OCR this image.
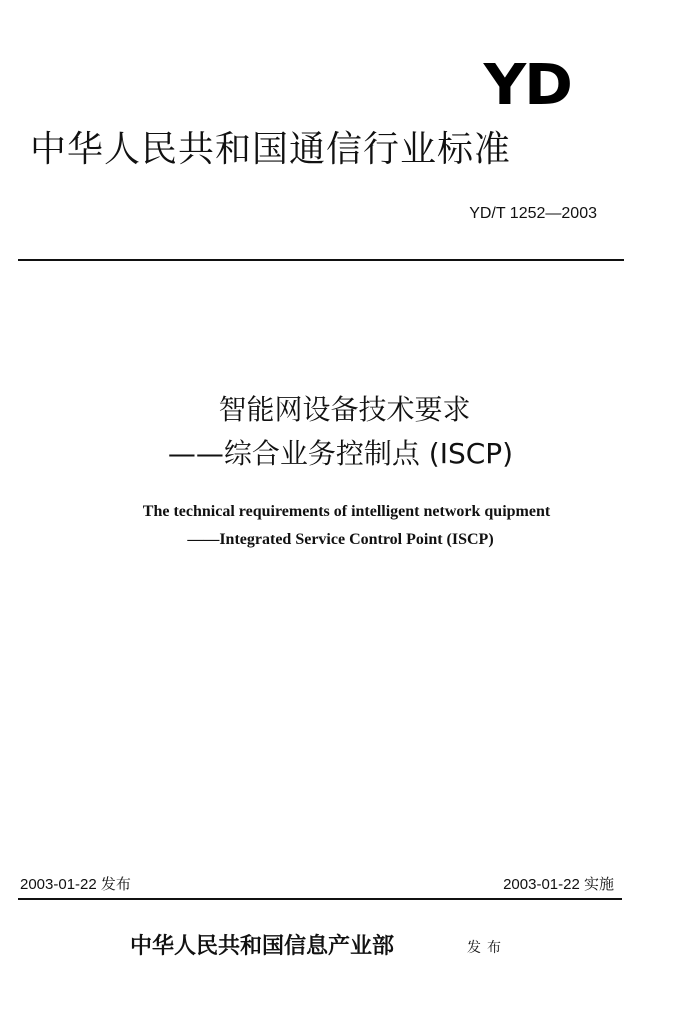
YD
中华人民共和国通信行业标准
YD/T 1252—2003
智能网设备技术要求
——综合业务控制点 (ISCP)
The technical requirements of intelligent network quipment
——Integrated Service Control Point (ISCP)
2003-01-22 发布	2003-01-22 实施
中华人民共和国信息产业部	发布
